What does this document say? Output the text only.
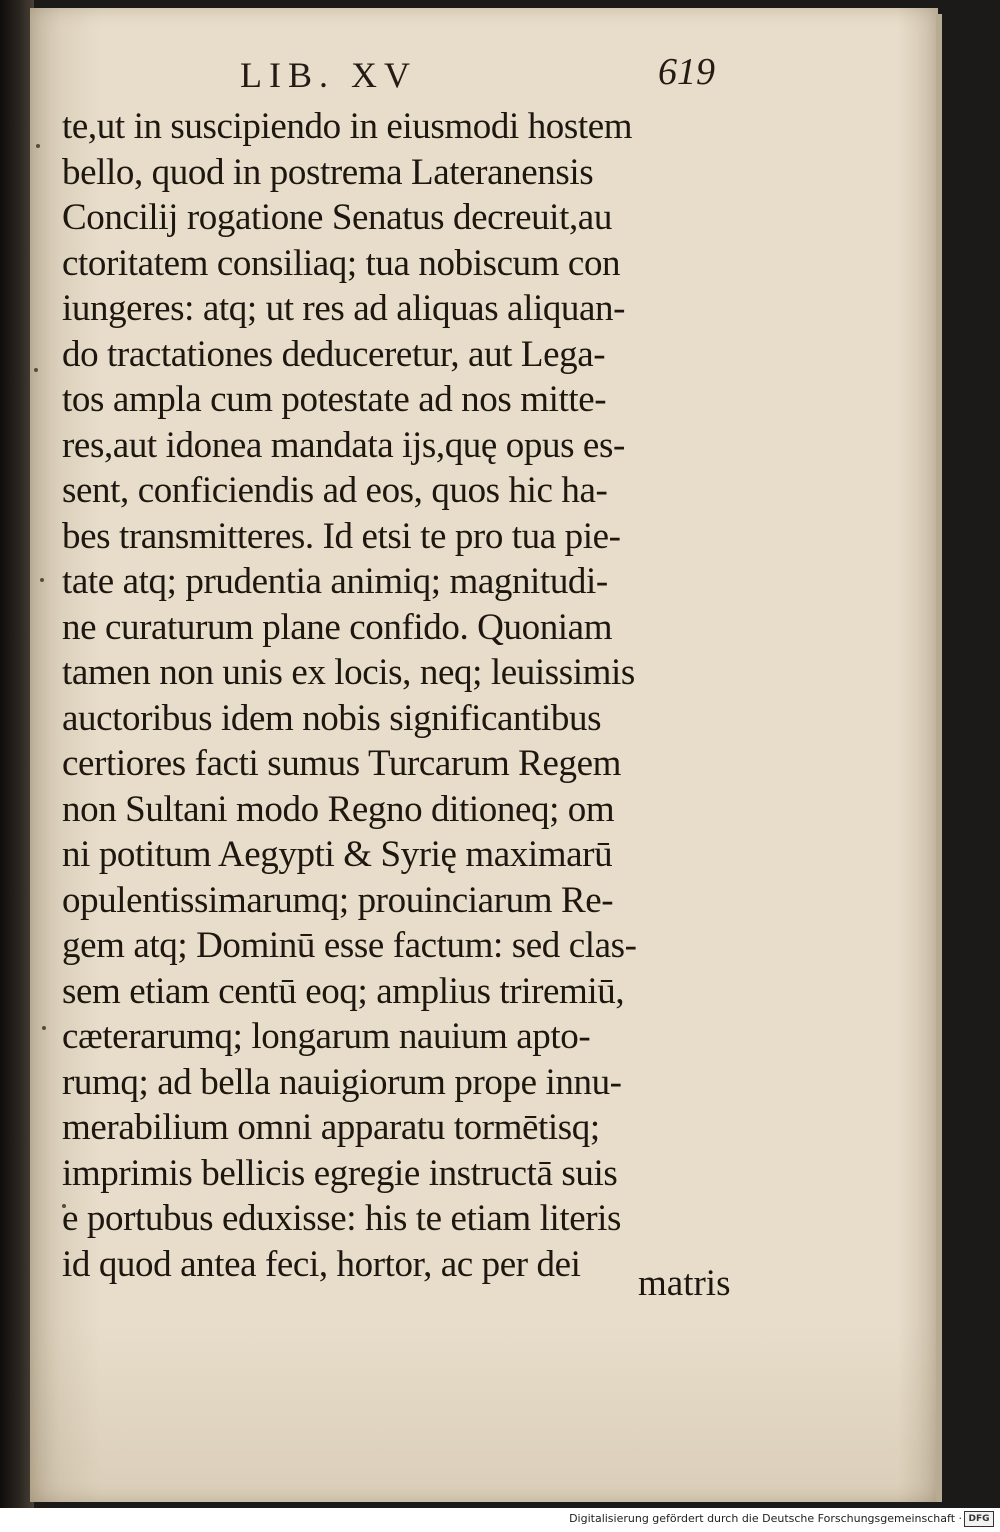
LIB. XV	619
te,ut in suscipiendo in eiusmodi hostem
bello, quod in postrema Lateranensis
Concilij rogatione Senatus decreuit,au
ctoritatem consiliaq; tua nobiscum con
iungeres: atq; ut res ad aliquas aliquan-
do tractationes deduceretur, aut Lega-
tos ampla cum potestate ad nos mitte-
res,aut idonea mandata ijs,quę opus es-
sent, conficiendis ad eos, quos hic ha-
bes transmitteres. Id etsi te pro tua pie-
tate atq; prudentia animiq; magnitudi-
ne curaturum plane confido. Quoniam
tamen non unis ex locis, neq; leuissimis
auctoribus idem nobis significantibus
certiores facti sumus Turcarum Regem
non Sultani modo Regno ditioneq; om
ni potitum Aegypti & Syrię maximarū
opulentissimarumq; prouinciarum Re-
gem atq; Dominū esse factum: sed clas-
sem etiam centū eoq; amplius triremiū,
cæterarumq; longarum nauium apto-
rumq; ad bella nauigiorum prope innu-
merabilium omni apparatu tormētisq;
imprimis bellicis egregie instructā suis
e portubus eduxisse: his te etiam literis
id quod antea feci, hortor, ac per dei	matris
Digitalisierung gefördert durch die Deutsche Forschungsgemeinschaft · DFG
